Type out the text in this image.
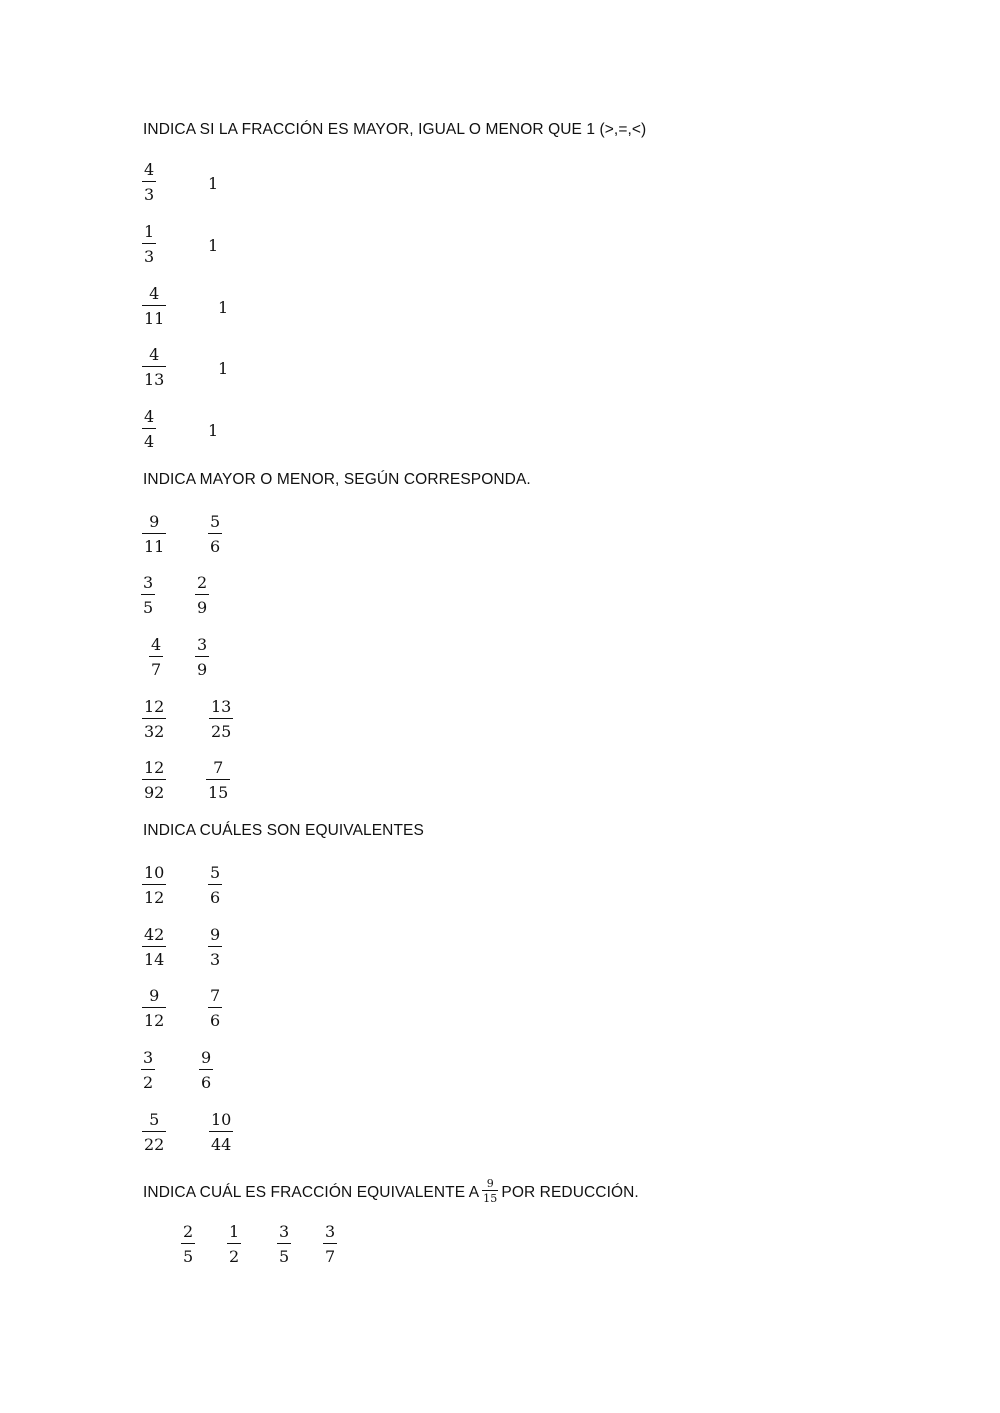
INDICA SI LA FRACCIÓN ES MAYOR, IGUAL O MENOR QUE 1 (>,=,<)
4
3
1
1
3
1
4
11
1
4
13
1
4
4
1
INDICA MAYOR O MENOR, SEGÚN CORRESPONDA.
9
11
5
6
3
5
2
9
4
7
3
9
12
32
13
25
12
92
7
15
INDICA CUÁLES SON EQUIVALENTES
10
12
5
6
42
14
9
3
9
12
7
6
3
2
9
6
5
22
10
44
INDICA CUÁL ES FRACCIÓN EQUIVALENTE A $\frac{9}{15}$ POR REDUCCIÓN.
2
5
1
2
3
5
3
7
